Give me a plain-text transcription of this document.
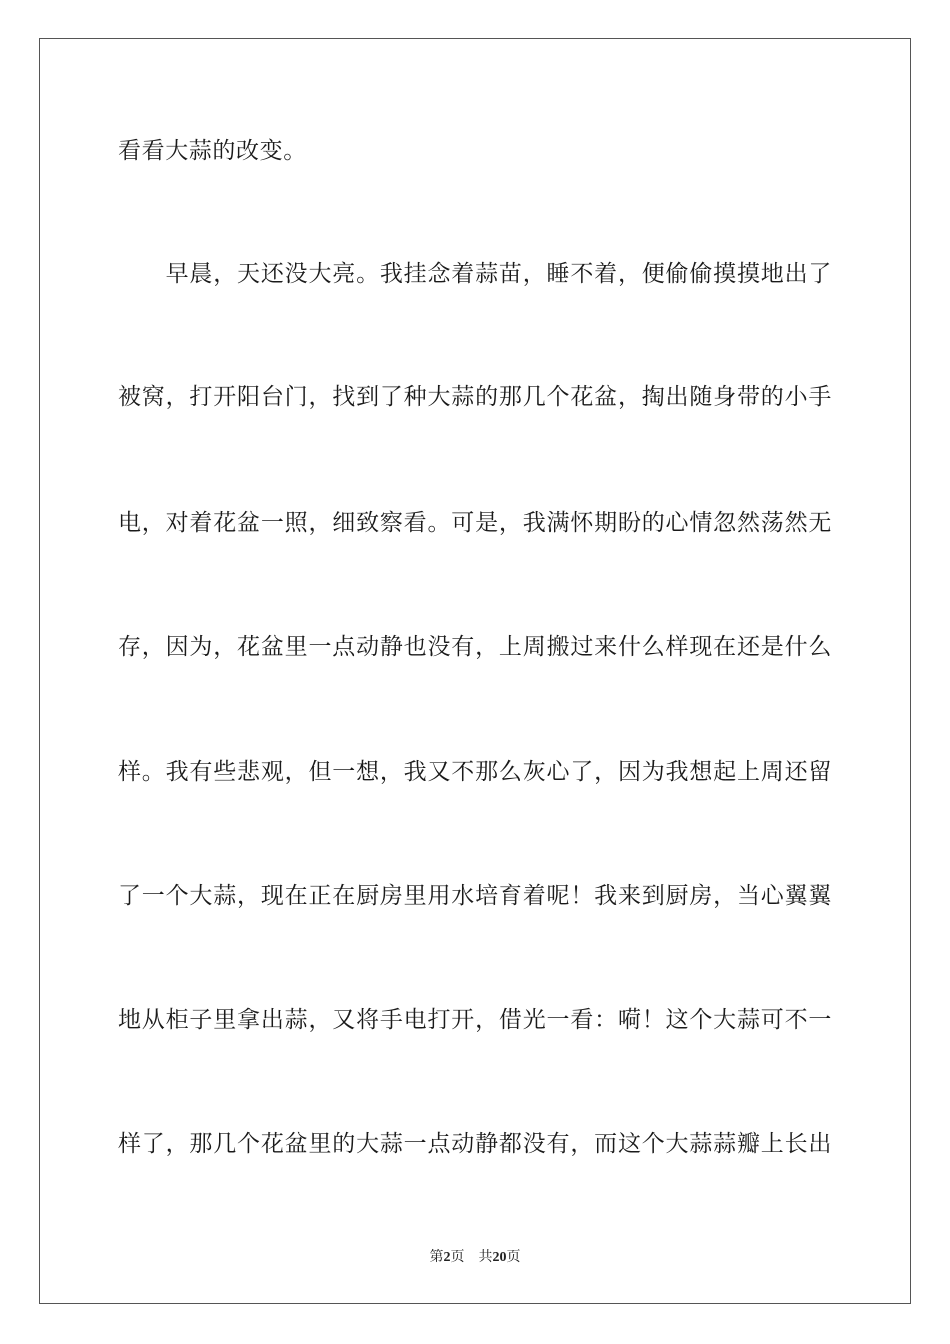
看看大蒜的改变。
　　早晨，天还没大亮。我挂念着蒜苗，睡不着，便偷偷摸摸地出了
被窝，打开阳台门，找到了种大蒜的那几个花盆，掏出随身带的小手
电，对着花盆一照，细致察看。可是，我满怀期盼的心情忽然荡然无
存，因为，花盆里一点动静也没有，上周搬过来什么样现在还是什么
样。我有些悲观，但一想，我又不那么灰心了，因为我想起上周还留
了一个大蒜，现在正在厨房里用水培育着呢！我来到厨房，当心翼翼
地从柜子里拿出蒜，又将手电打开，借光一看：嗬！这个大蒜可不一
样了，那几个花盆里的大蒜一点动静都没有，而这个大蒜蒜瓣上长出
第2页  共20页
